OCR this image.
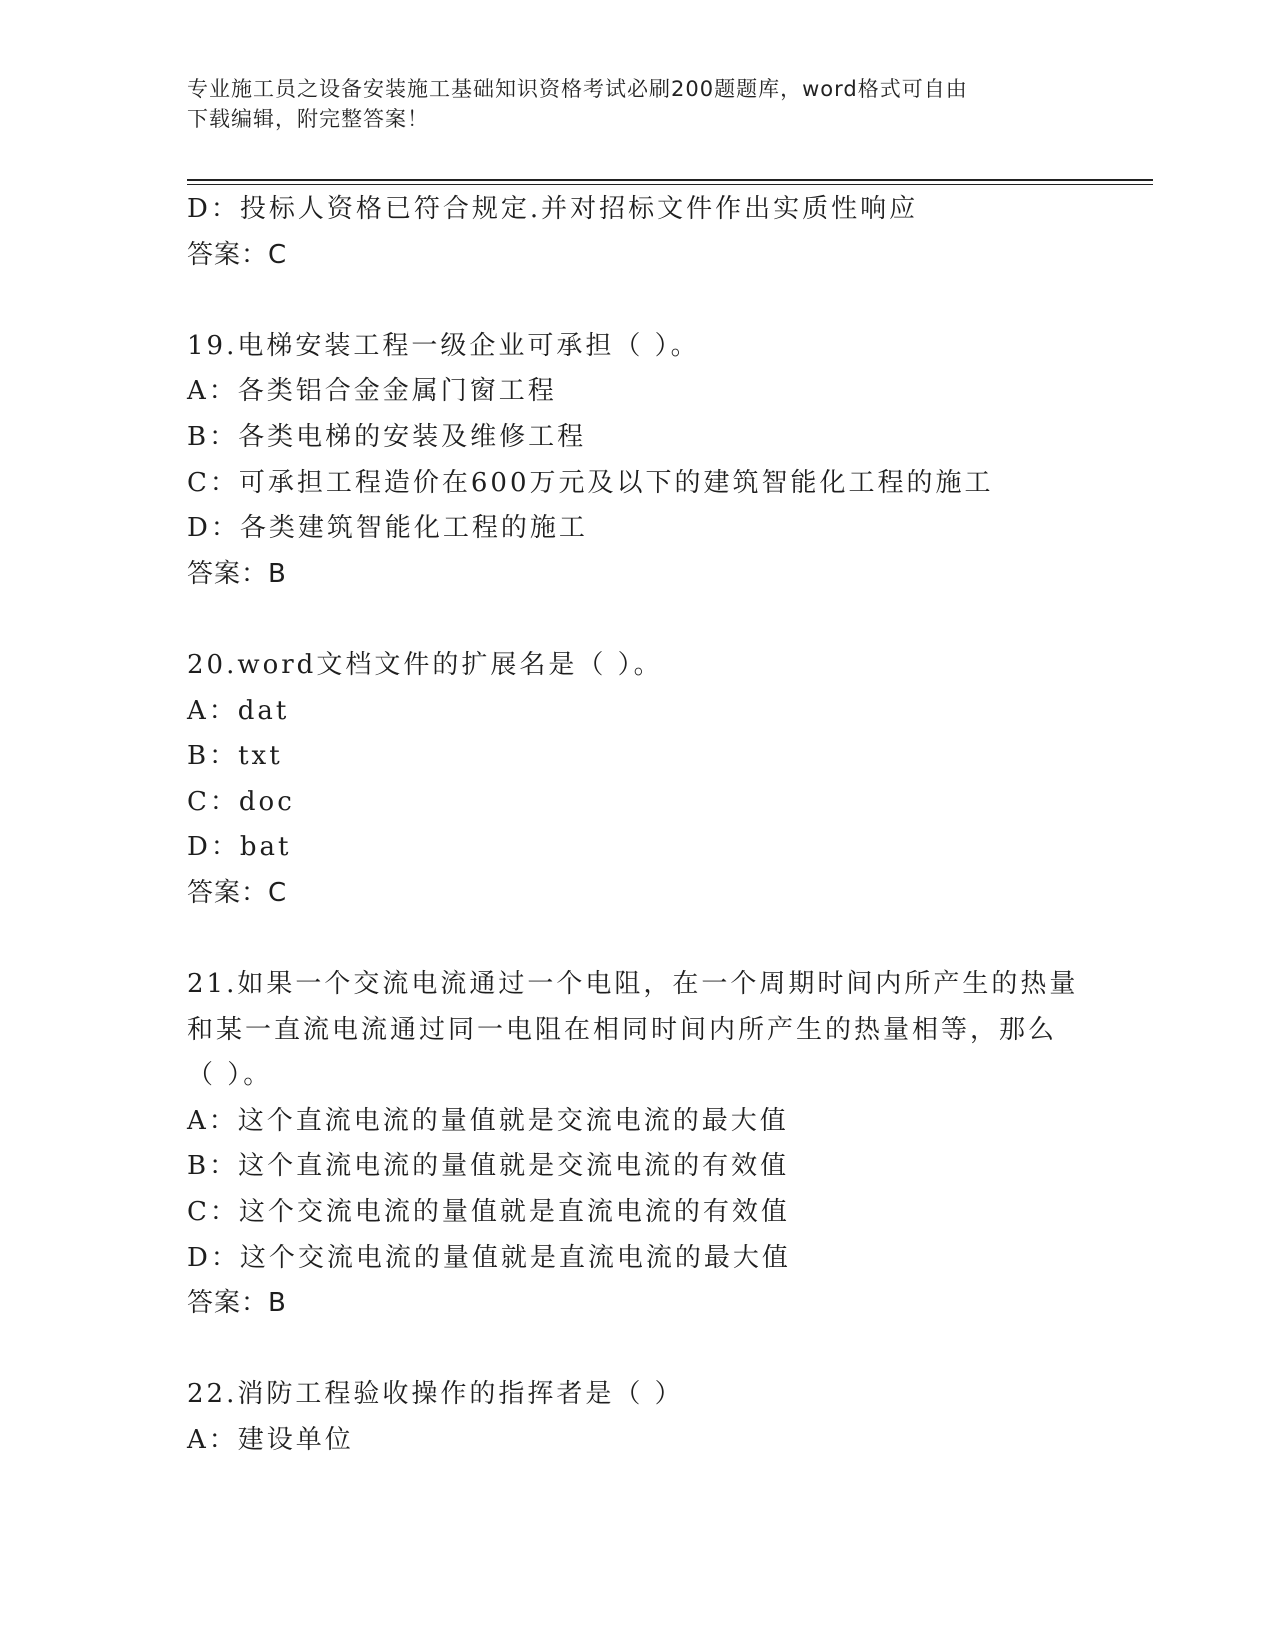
专业施工员之设备安装施工基础知识资格考试必刷200题题库，word格式可自由
下载编辑，附完整答案！
D：投标人资格已符合规定.并对招标文件作出实质性响应
答案：C
19.电梯安装工程一级企业可承担（ ）。
A：各类铝合金金属门窗工程
B：各类电梯的安装及维修工程
C：可承担工程造价在600万元及以下的建筑智能化工程的施工
D：各类建筑智能化工程的施工
答案：B
20.word文档文件的扩展名是（ ）。
A：dat
B：txt
C：doc
D：bat
答案：C
21.如果一个交流电流通过一个电阻，在一个周期时间内所产生的热量
和某一直流电流通过同一电阻在相同时间内所产生的热量相等，那么
（ ）。
A：这个直流电流的量值就是交流电流的最大值
B：这个直流电流的量值就是交流电流的有效值
C：这个交流电流的量值就是直流电流的有效值
D：这个交流电流的量值就是直流电流的最大值
答案：B
22.消防工程验收操作的指挥者是（ ）
A：建设单位
